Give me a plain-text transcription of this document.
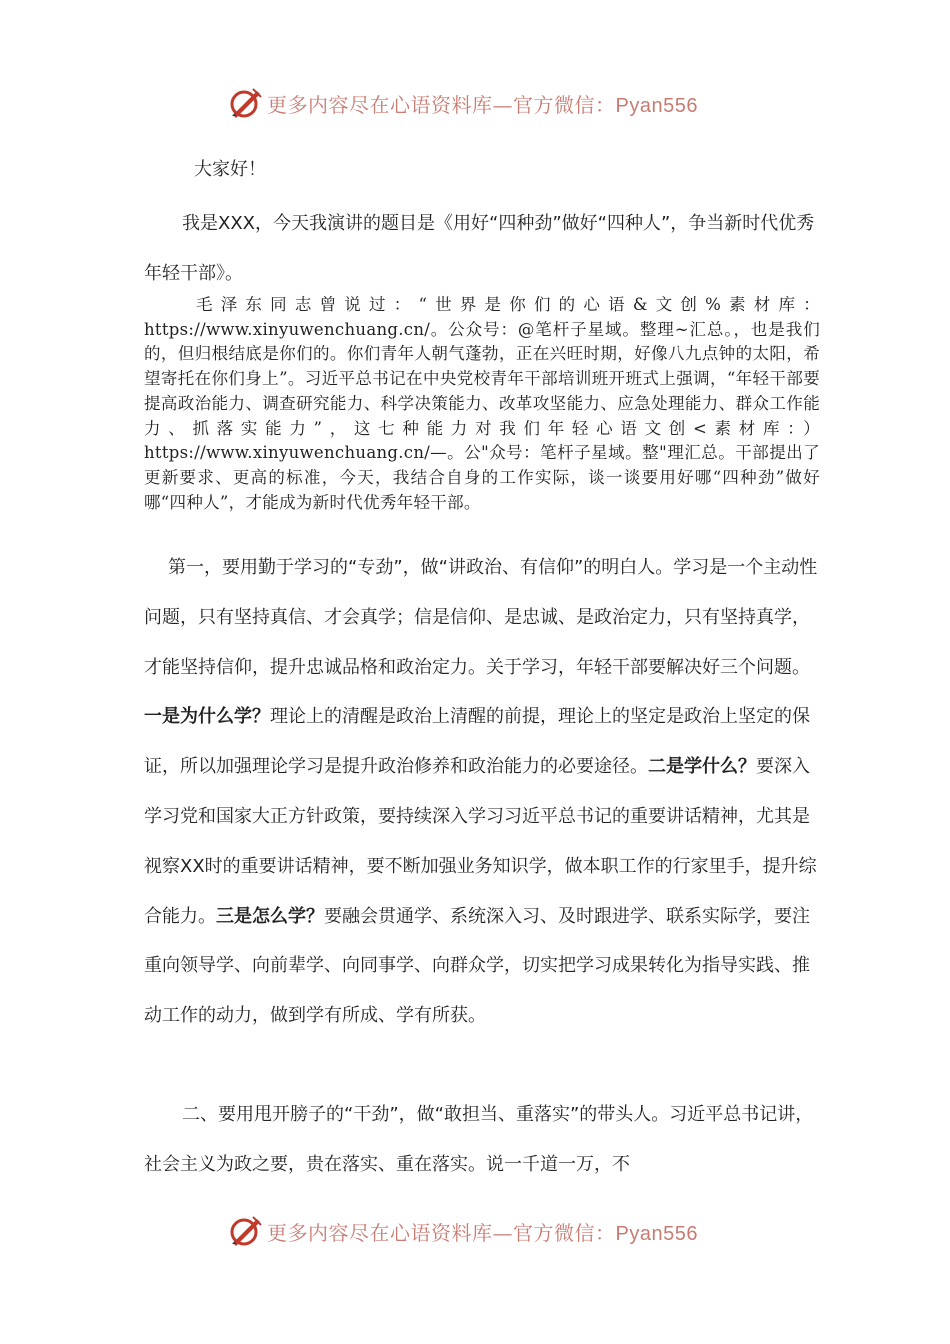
更多内容尽在心语资料库—官方微信：Pyan556
大家好！
我是XXX，今天我演讲的题目是《用好“四种劲”做好“四种人”，争当新时代优秀年轻干部》。
毛泽东同志曾说过：“世界是你们的心语&文创%素材库：https://www.xinyuwenchuang.cn/。公众号：@笔杆子星域。整理~汇总。，也是我们的，但归根结底是你们的。你们青年人朝气蓬勃，正在兴旺时期，好像八九点钟的太阳，希望寄托在你们身上”。习近平总书记在中央党校青年干部培训班开班式上强调，“年轻干部要提高政治能力、调查研究能力、科学决策能力、改革攻坚能力、应急处理能力、群众工作能力、抓落实能力”，这七种能力对我们年轻心语文创<素材库：）https://www.xinyuwenchuang.cn/—。公"众号：笔杆子星域。整"理汇总。干部提出了更新要求、更高的标准，今天，我结合自身的工作实际，谈一谈要用好哪“四种劲”做好哪“四种人”，才能成为新时代优秀年轻干部。
第一，要用勤于学习的“专劲”，做“讲政治、有信仰”的明白人。学习是一个主动性问题，只有坚持真信、才会真学；信是信仰、是忠诚、是政治定力，只有坚持真学，才能坚持信仰，提升忠诚品格和政治定力。关于学习，年轻干部要解决好三个问题。一是为什么学？理论上的清醒是政治上清醒的前提，理论上的坚定是政治上坚定的保证，所以加强理论学习是提升政治修养和政治能力的必要途径。二是学什么？要深入学习党和国家大正方针政策，要持续深入学习习近平总书记的重要讲话精神，尤其是视察XX时的重要讲话精神，要不断加强业务知识学，做本职工作的行家里手，提升综合能力。三是怎么学？要融会贯通学、系统深入习、及时跟进学、联系实际学，要注重向领导学、向前辈学、向同事学、向群众学，切实把学习成果转化为指导实践、推动工作的动力，做到学有所成、学有所获。
二、要用甩开膀子的“干劲”，做“敢担当、重落实”的带头人。习近平总书记讲，社会主义为政之要，贵在落实、重在落实。说一千道一万，不
更多内容尽在心语资料库—官方微信：Pyan556
